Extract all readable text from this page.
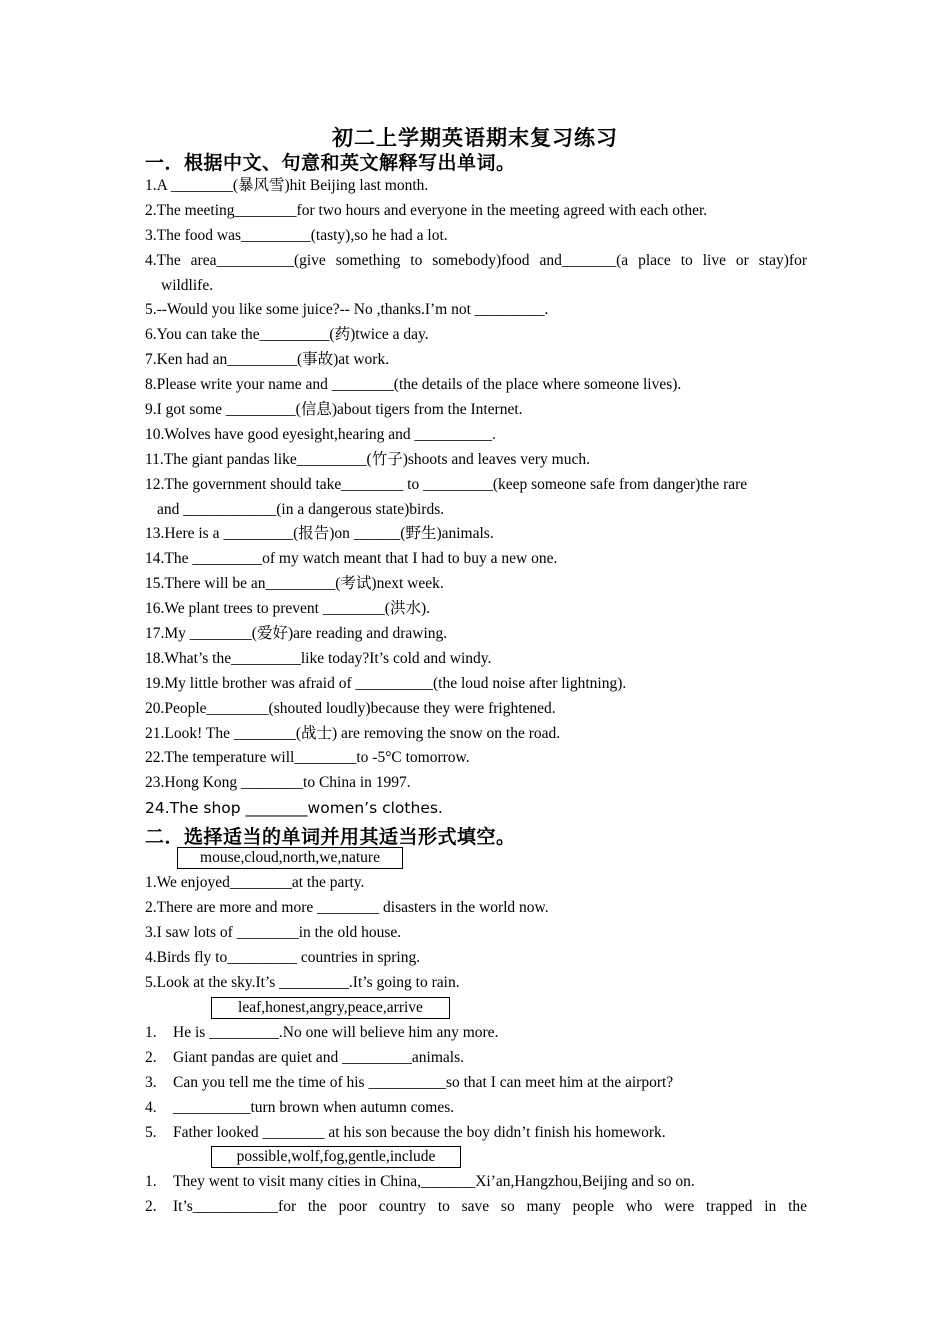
初二上学期英语期末复习练习
一．根据中文、句意和英文解释写出单词。
1.A ________(暴风雪)hit Beijing last month.
2.The meeting________for two hours and everyone in the meeting agreed with each other.
3.The food was_________(tasty),so he had a lot.
4.The area__________(give something to somebody)food and_______(a place to live or stay)for
wildlife.
5.--Would you like some juice?-- No ,thanks.I’m not _________.
6.You can take the_________(药)twice a day.
7.Ken had an_________(事故)at work.
8.Please write your name and ________(the details of the place where someone lives).
9.I got some _________(信息)about tigers from the Internet.
10.Wolves have good eyesight,hearing and __________.
11.The giant pandas like_________(竹子)shoots and leaves very much.
12.The government should take________ to _________(keep someone safe from danger)the rare
and ____________(in a dangerous state)birds.
13.Here is a _________(报告)on ______(野生)animals.
14.The _________of my watch meant that I had to buy a new one.
15.There will be an_________(考试)next week.
16.We plant trees to prevent ________(洪水).
17.My ________(爱好)are reading and drawing.
18.What’s the_________like today?It’s cold and windy.
19.My little brother was afraid of __________(the loud noise after lightning).
20.People________(shouted loudly)because they were frightened.
21.Look! The ________(战士) are removing the snow on the road.
22.The temperature will________to -5°C tomorrow.
23.Hong Kong ________to China in 1997.
24.The shop ________women’s clothes.
二．选择适当的单词并用其适当形式填空。
mouse,cloud,north,we,nature
1.We enjoyed________at the party.
2.There are more and more ________ disasters in the world now.
3.I saw lots of ________in the old house.
4.Birds fly to_________ countries in spring.
5.Look at the sky.It’s _________.It’s going to rain.
leaf,honest,angry,peace,arrive
1. He is _________.No one will believe him any more.
2. Giant pandas are quiet and _________animals.
3. Can you tell me the time of his __________so that I can meet him at the airport?
4. __________turn brown when autumn comes.
5. Father looked ________ at his son because the boy didn’t finish his homework.
possible,wolf,fog,gentle,include
1. They went to visit many cities in China,_______Xi’an,Hangzhou,Beijing and so on.
2.	It’s___________for the poor country to save so many people who were trapped in the
